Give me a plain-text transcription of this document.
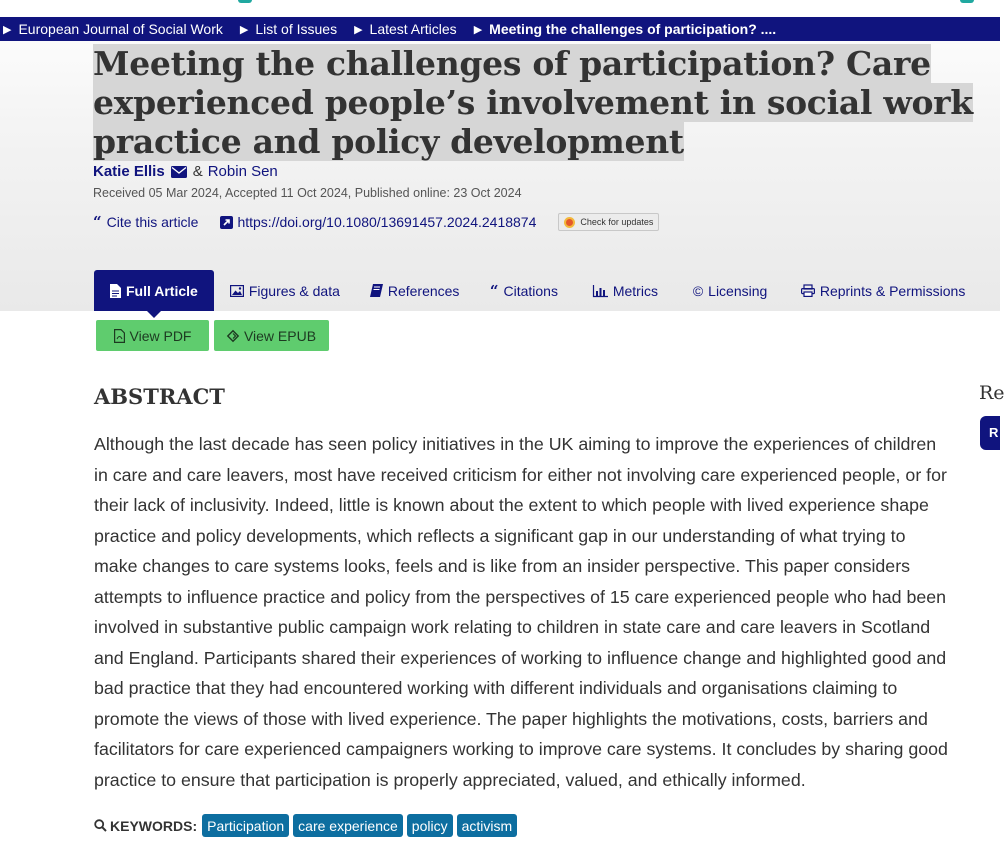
▶ European Journal of Social Work ▶ List of Issues ▶ Latest Articles ▶ Meeting the challenges of participation? ....
Meeting the challenges of participation? Care experienced people’s involvement in social work practice and policy development
Katie Ellis & Robin Sen
Received 05 Mar 2024, Accepted 11 Oct 2024, Published online: 23 Oct 2024
“ Cite this article	https://doi.org/10.1080/13691457.2024.2418874	Check for updates
Full Article	Figures & data	References “ Citations	Metrics © Licensing	Reprints & Permissions
View PDF	View EPUB
ABSTRACT

Although the last decade has seen policy initiatives in the UK aiming to improve the experiences of children in care and care leavers, most have received criticism for either not involving care experienced people, or for their lack of inclusivity. Indeed, little is known about the extent to which people with lived experience shape practice and policy developments, which reflects a significant gap in our understanding of what trying to make changes to care systems looks, feels and is like from an insider perspective. This paper considers attempts to influence practice and policy from the perspectives of 15 care experienced people who had been involved in substantive public campaign work relating to children in state care and care leavers in Scotland and England. Participants shared their experiences of working to influence change and highlighted good and bad practice that they had encountered working with different individuals and organisations claiming to promote the views of those with lived experience. The paper highlights the motivations, costs, barriers and facilitators for care experienced campaigners working to improve care systems. It concludes by sharing good practice to ensure that participation is properly appreciated, valued, and ethically informed.

KEYWORDS: Participation	care experience	policy	activism
Re
R
